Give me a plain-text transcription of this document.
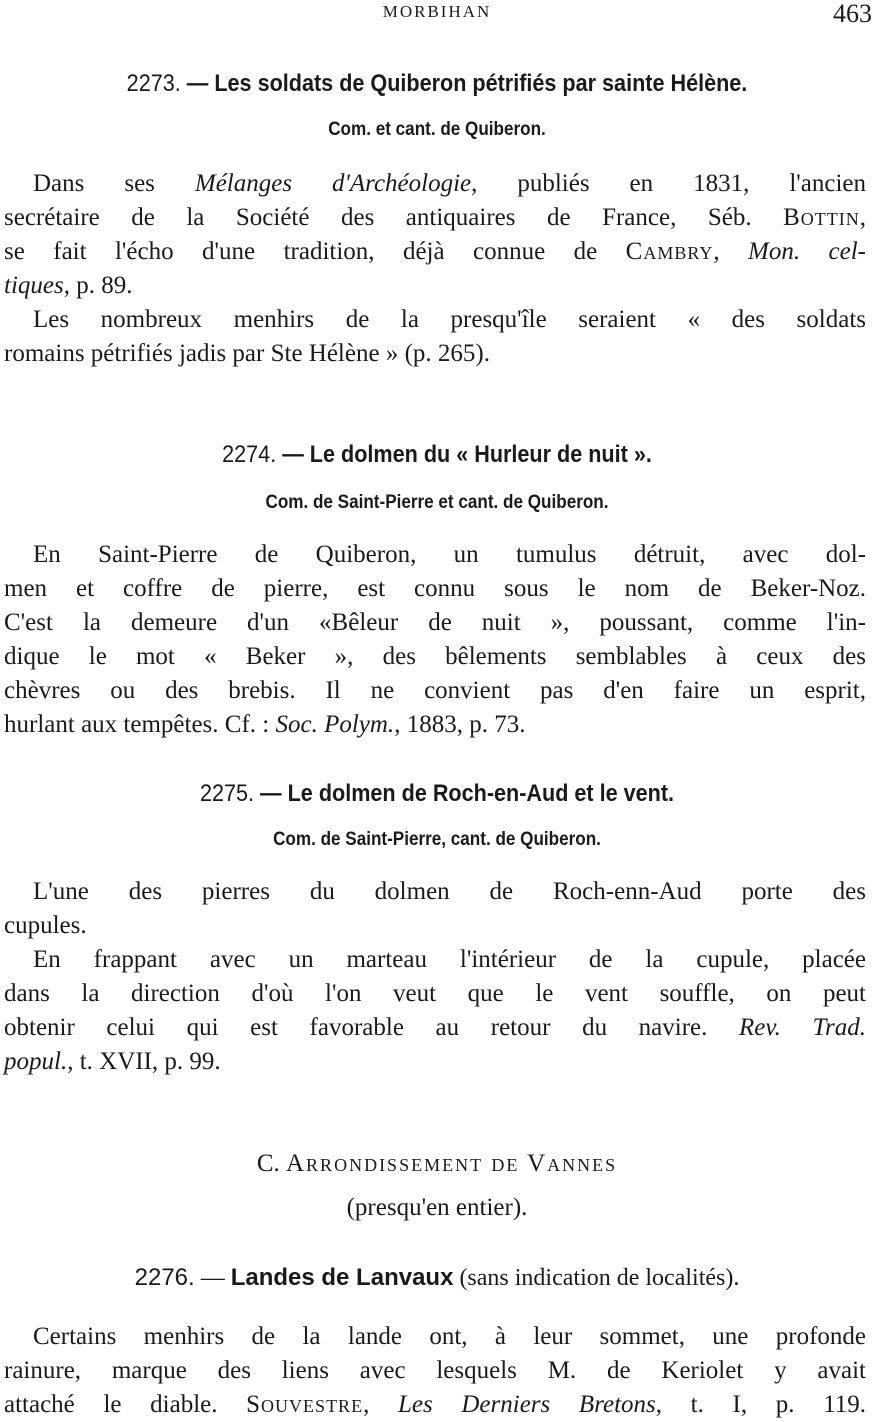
MORBIHAN	463
2273. — Les soldats de Quiberon pétrifiés par sainte Hélène.
Com. et cant. de Quiberon.
Dans ses Mélanges d'Archéologie, publiés en 1831, l'ancien
secrétaire de la Société des antiquaires de France, Séb. Bottin,
se fait l'écho d'une tradition, déjà connue de Cambry, Mon. cel-
tiques, p. 89.
Les nombreux menhirs de la presqu'île seraient « des soldats
romains pétrifiés jadis par Ste Hélène » (p. 265).
2274. — Le dolmen du « Hurleur de nuit ».
Com. de Saint-Pierre et cant. de Quiberon.
En Saint-Pierre de Quiberon, un tumulus détruit, avec dol-
men et coffre de pierre, est connu sous le nom de Beker-Noz.
C'est la demeure d'un «Bêleur de nuit », poussant, comme l'in-
dique le mot « Beker », des bêlements semblables à ceux des
chèvres ou des brebis. Il ne convient pas d'en faire un esprit,
hurlant aux tempêtes. Cf. : Soc. Polym., 1883, p. 73.
2275. — Le dolmen de Roch-en-Aud et le vent.
Com. de Saint-Pierre, cant. de Quiberon.
L'une des pierres du dolmen de Roch-enn-Aud porte des
cupules.
En frappant avec un marteau l'intérieur de la cupule, placée
dans la direction d'où l'on veut que le vent souffle, on peut
obtenir celui qui est favorable au retour du navire. Rev. Trad.
popul., t. XVII, p. 99.
C. Arrondissement de Vannes
(presqu'en entier).
2276. — Landes de Lanvaux (sans indication de localités).
Certains menhirs de la lande ont, à leur sommet, une profonde
rainure, marque des liens avec lesquels M. de Keriolet y avait
attaché le diable. Souvestre, Les Derniers Bretons, t. I, p. 119.
